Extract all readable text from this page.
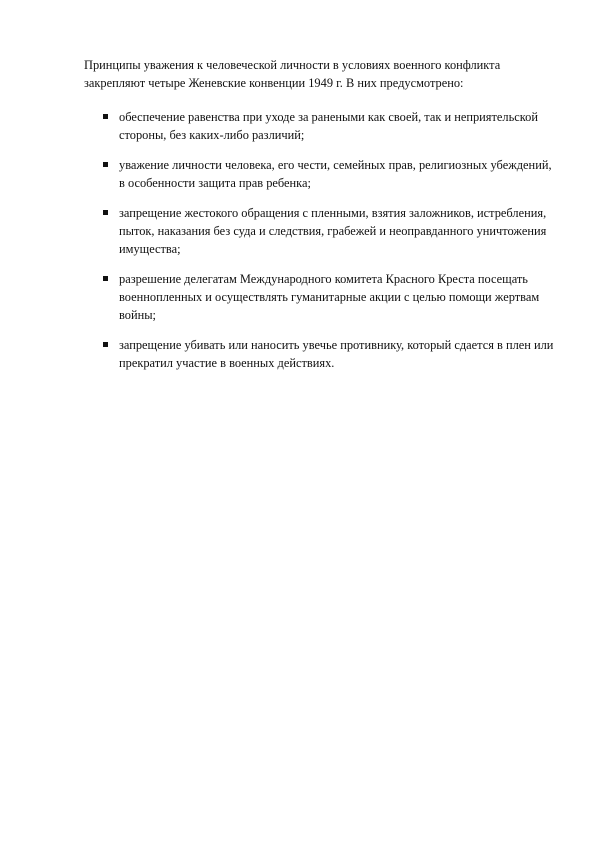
Принципы уважения к человеческой личности в условиях военного конфликта закрепляют четыре Женевские конвенции 1949 г. В них предусмотрено:

обеспечение равенства при уходе за ранеными как своей, так и неприятельской стороны, без каких-либо различий;
уважение личности человека, его чести, семейных прав, религиозных убеждений, в особенности защита прав ребенка;
запрещение жестокого обращения с пленными, взятия заложников, истребления, пыток, наказания без суда и следствия, грабежей и неоправданного уничтожения имущества;
разрешение делегатам Международного комитета Красного Креста посещать военнопленных и осуществлять гуманитарные акции с целью помощи жертвам войны;
запрещение убивать или наносить увечье противнику, который сдается в плен или прекратил участие в военных действиях.
